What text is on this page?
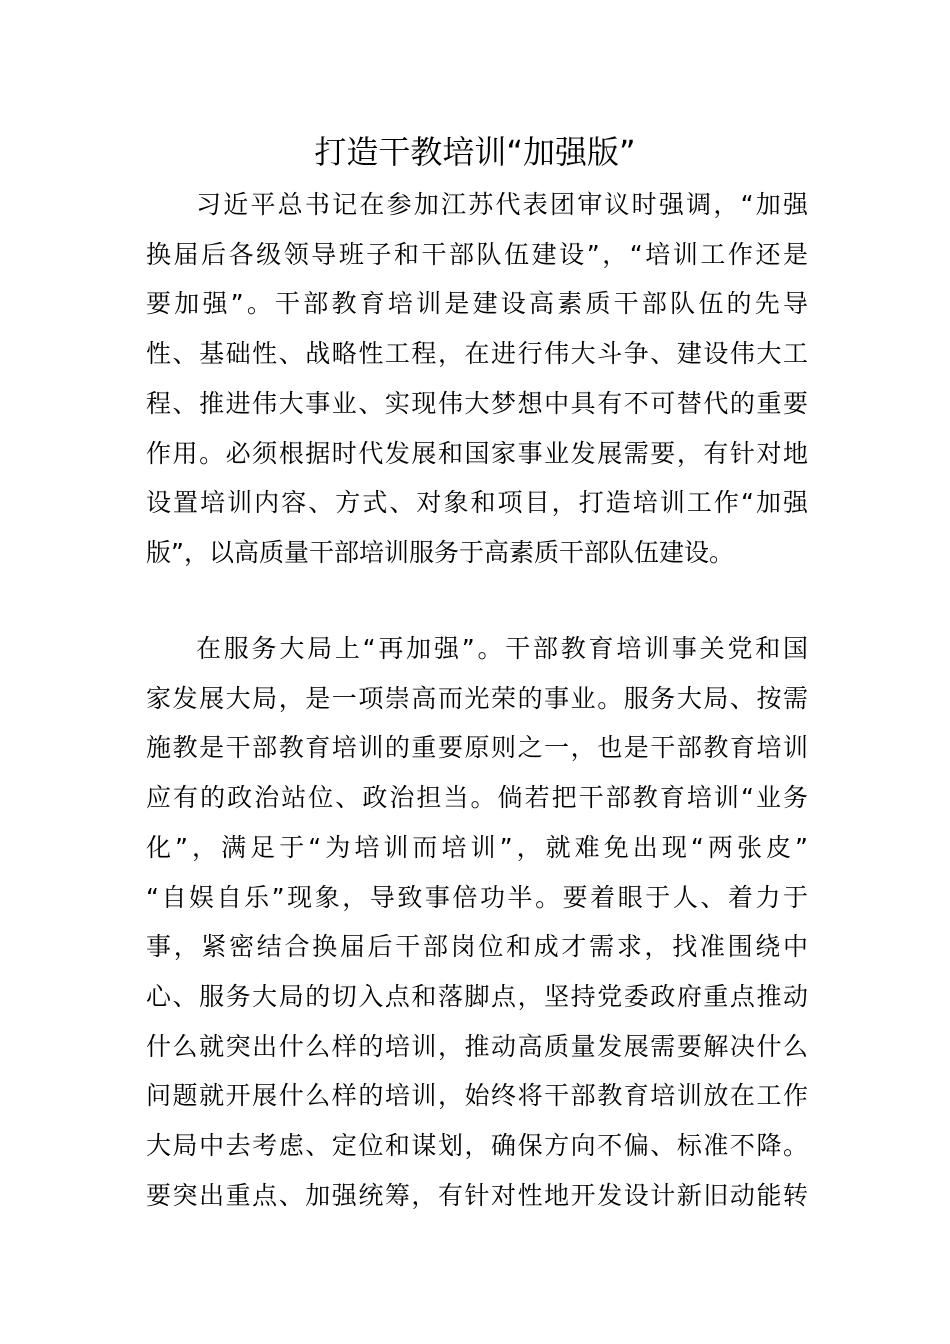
打造干教培训“加强版”
习近平总书记在参加江苏代表团审议时强调，“加强
换届后各级领导班子和干部队伍建设”，“培训工作还是
要加强”。干部教育培训是建设高素质干部队伍的先导
性、基础性、战略性工程，在进行伟大斗争、建设伟大工
程、推进伟大事业、实现伟大梦想中具有不可替代的重要
作用。必须根据时代发展和国家事业发展需要，有针对地
设置培训内容、方式、对象和项目，打造培训工作“加强
版”，以高质量干部培训服务于高素质干部队伍建设。
在服务大局上“再加强”。干部教育培训事关党和国
家发展大局，是一项崇高而光荣的事业。服务大局、按需
施教是干部教育培训的重要原则之一，也是干部教育培训
应有的政治站位、政治担当。倘若把干部教育培训“业务
化”，满足于“为培训而培训”，就难免出现“两张皮”
“自娱自乐”现象，导致事倍功半。要着眼于人、着力于
事，紧密结合换届后干部岗位和成才需求，找准围绕中
心、服务大局的切入点和落脚点，坚持党委政府重点推动
什么就突出什么样的培训，推动高质量发展需要解决什么
问题就开展什么样的培训，始终将干部教育培训放在工作
大局中去考虑、定位和谋划，确保方向不偏、标准不降。
要突出重点、加强统筹，有针对性地开发设计新旧动能转
